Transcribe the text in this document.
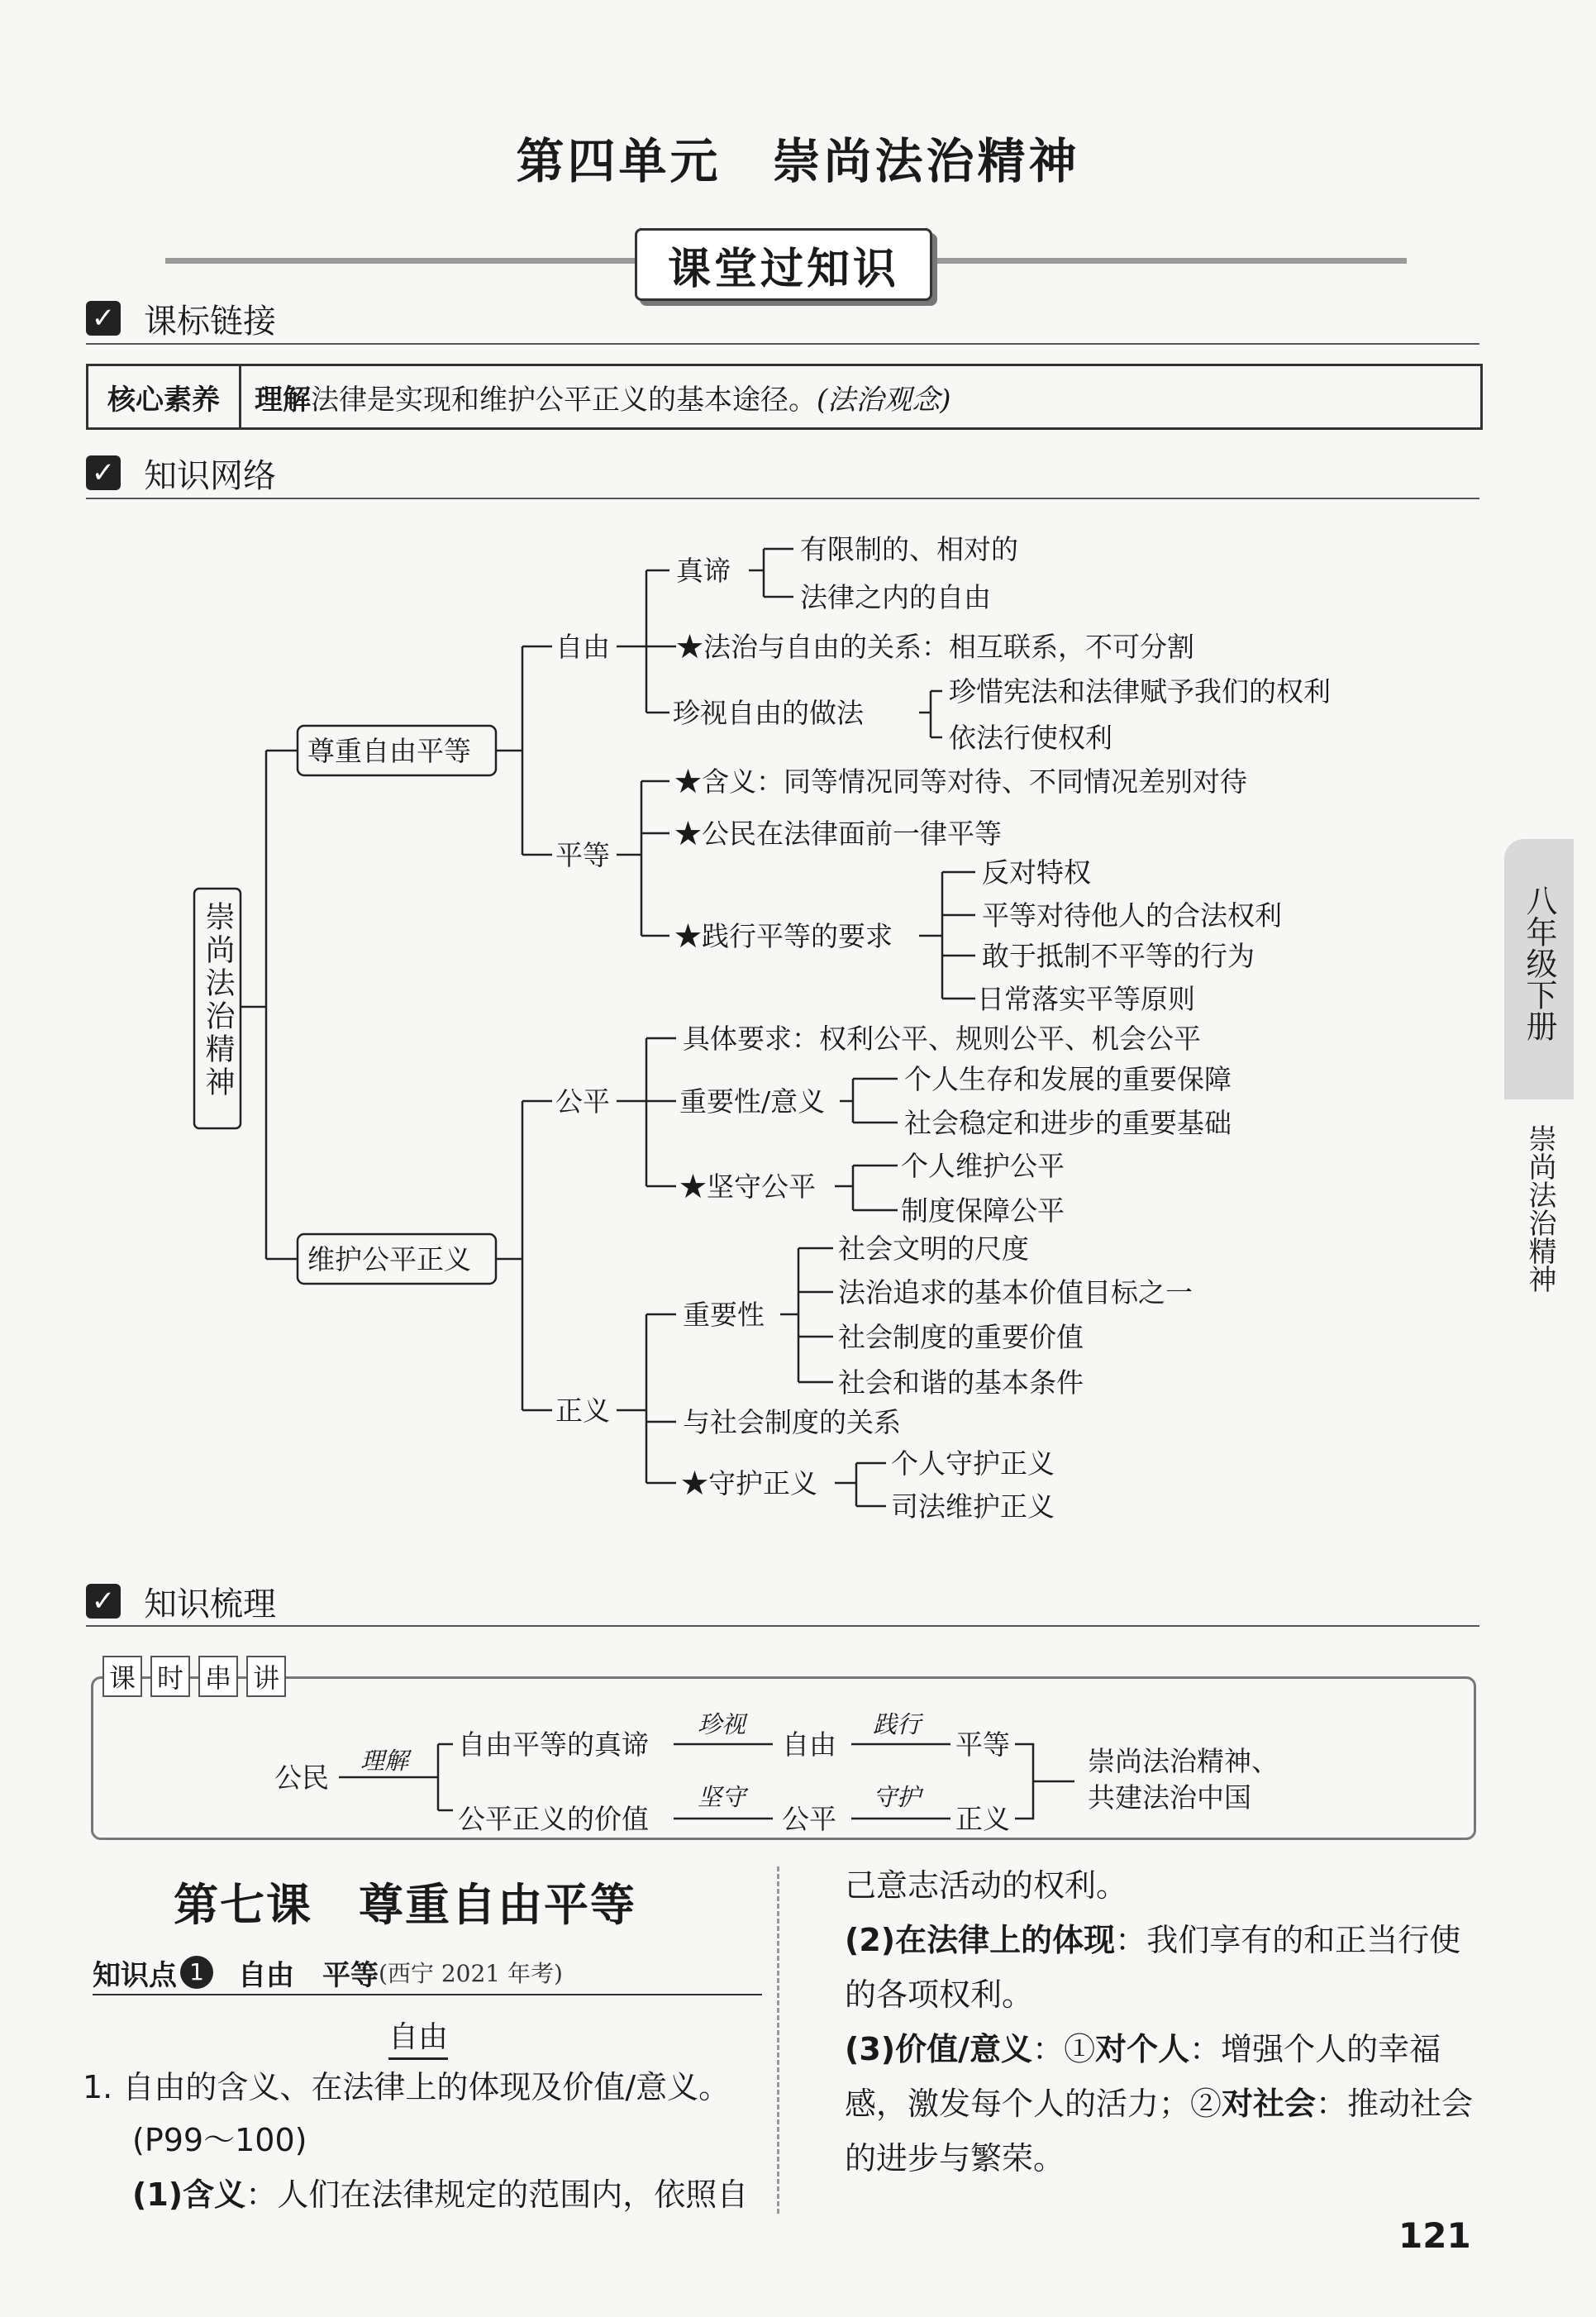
第四单元　崇尚法治精神
课堂过知识
✓ 课标链接
核心素养	理解法律是实现和维护公平正义的基本途径。(法治观念)
✓ 知识网络
尊重自由平等
维护公平正义
自由
真谛
有限制的、相对的
法律之内的自由
★法治与自由的关系：相互联系，不可分割
珍视自由的做法
珍惜宪法和法律赋予我们的权利
依法行使权利
平等
★含义：同等情况同等对待、不同情况差别对待
★公民在法律面前一律平等
★践行平等的要求
反对特权
平等对待他人的合法权利
敢于抵制不平等的行为
日常落实平等原则
公平
具体要求：权利公平、规则公平、机会公平
重要性/意义
个人生存和发展的重要保障
社会稳定和进步的重要基础
★坚守公平
个人维护公平
制度保障公平
正义
重要性
社会文明的尺度
法治追求的基本价值目标之一
社会制度的重要价值
社会和谐的基本条件
与社会制度的关系
★守护正义
个人守护正义
司法维护正义
崇尚法治精神	八年级下册
崇尚法治精神
✓ 知识梳理
课 时 串 讲
公民
理解 自由平等的真谛
珍视
自由
践行
平等
公平正义的价值
坚守
公平
守护
正义
崇尚法治精神、
共建法治中国
第七课　尊重自由平等
知识点 1	自由　平等 (西宁 2021 年考)
自由
1. 自由的含义、在法律上的体现及价值/意义。
(P99～100)
(1)含义：人们在法律规定的范围内，依照自
己意志活动的权利。
(2)在法律上的体现：我们享有的和正当行使
的各项权利。
(3)价值/意义：①对个人：增强个人的幸福
感，激发每个人的活力；②对社会：推动社会
的进步与繁荣。
121
